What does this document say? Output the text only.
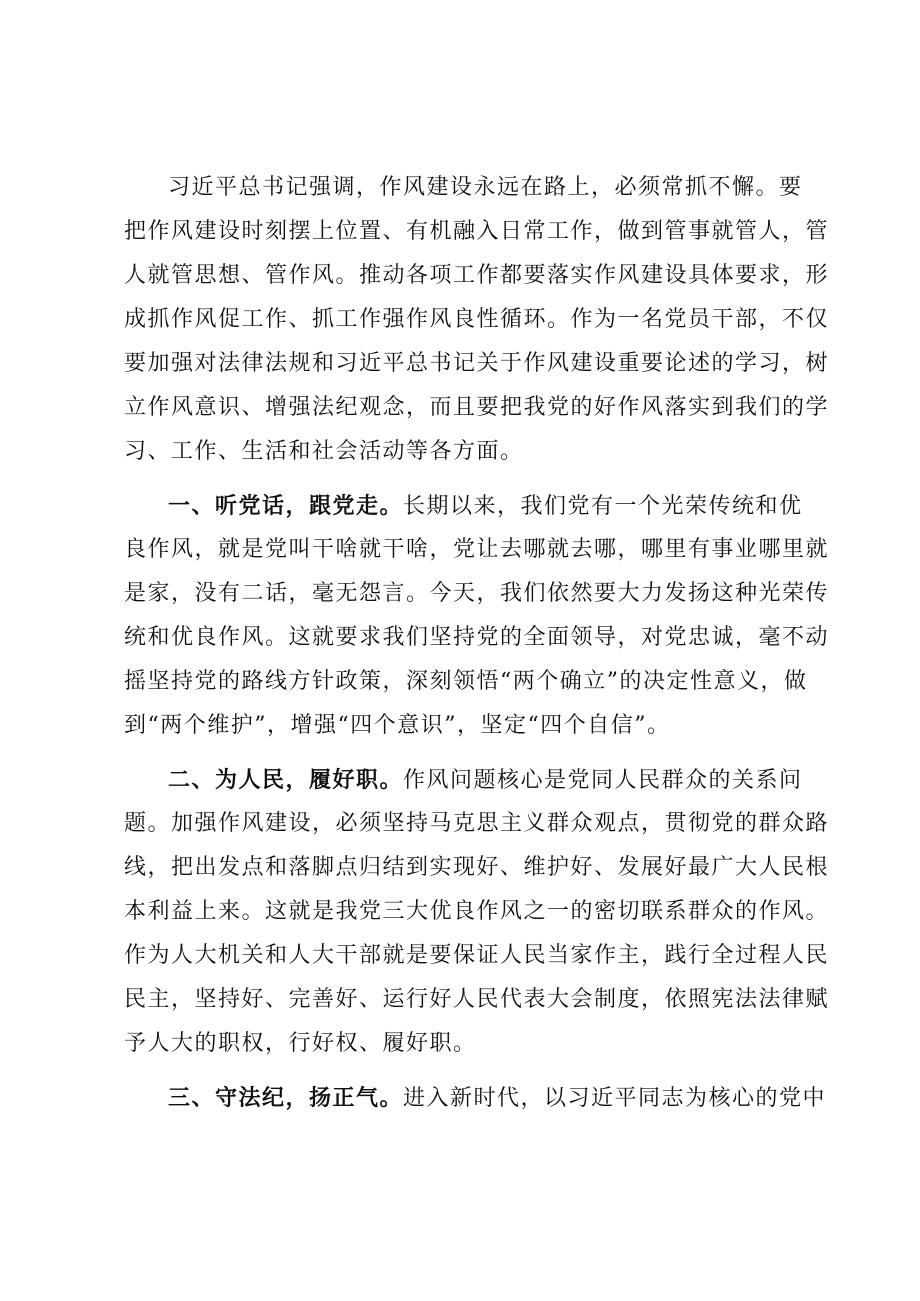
习近平总书记强调，作风建设永远在路上，必须常抓不懈。要
把作风建设时刻摆上位置、有机融入日常工作，做到管事就管人，管
人就管思想、管作风。推动各项工作都要落实作风建设具体要求，形
成抓作风促工作、抓工作强作风良性循环。作为一名党员干部，不仅
要加强对法律法规和习近平总书记关于作风建设重要论述的学习，树
立作风意识、增强法纪观念，而且要把我党的好作风落实到我们的学
习、工作、生活和社会活动等各方面。
一、听党话，跟党走。长期以来，我们党有一个光荣传统和优
良作风，就是党叫干啥就干啥，党让去哪就去哪，哪里有事业哪里就
是家，没有二话，毫无怨言。今天，我们依然要大力发扬这种光荣传
统和优良作风。这就要求我们坚持党的全面领导，对党忠诚，毫不动
摇坚持党的路线方针政策，深刻领悟“两个确立”的决定性意义，做
到“两个维护”，增强“四个意识”，坚定“四个自信”。
二、为人民，履好职。作风问题核心是党同人民群众的关系问
题。加强作风建设，必须坚持马克思主义群众观点，贯彻党的群众路
线，把出发点和落脚点归结到实现好、维护好、发展好最广大人民根
本利益上来。这就是我党三大优良作风之一的密切联系群众的作风。
作为人大机关和人大干部就是要保证人民当家作主，践行全过程人民
民主，坚持好、完善好、运行好人民代表大会制度，依照宪法法律赋
予人大的职权，行好权、履好职。
三、守法纪，扬正气。进入新时代，以习近平同志为核心的党中
